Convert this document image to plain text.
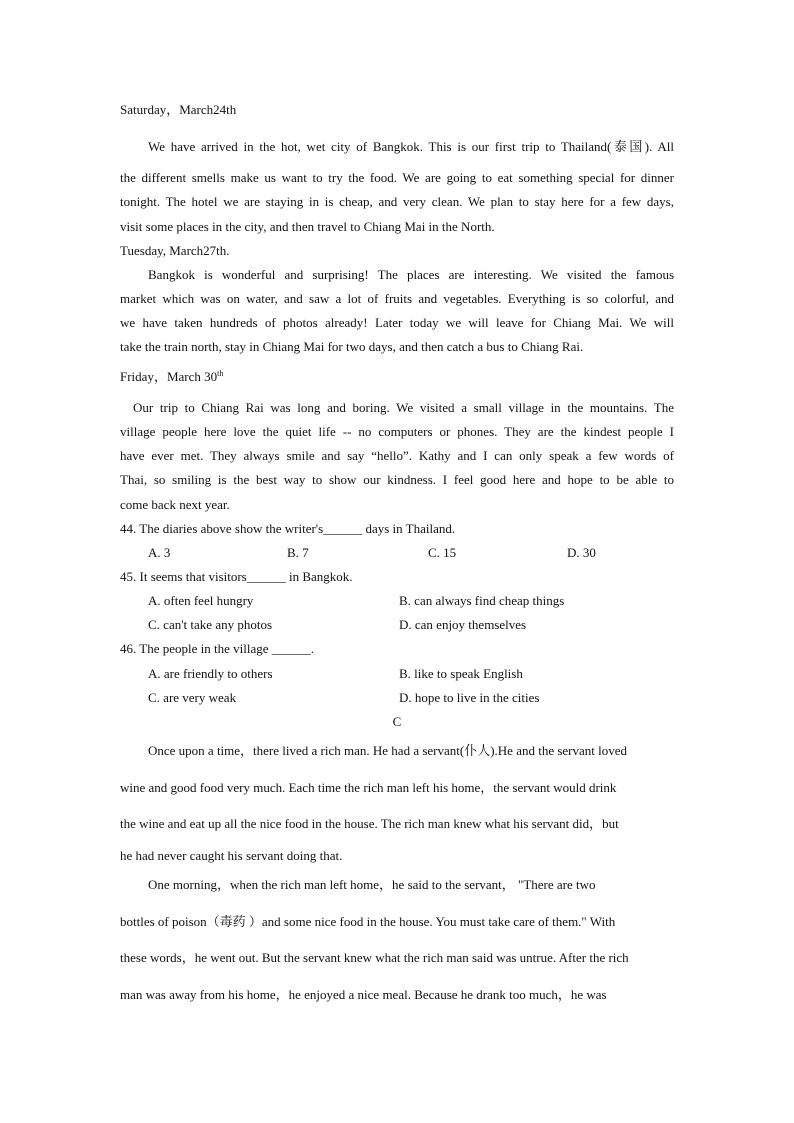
Saturday，March24th
We have arrived in the hot, wet city of Bangkok. This is our first trip to Thailand(泰国). All
the different smells make us want to try the food. We are going to eat something special for dinner
tonight. The hotel we are staying in is cheap, and very clean. We plan to stay here for a few days,
visit some places in the city, and then travel to Chiang Mai in the North.
Tuesday, March27th.
Bangkok is wonderful and surprising! The places are interesting. We visited the famous
market which was on water, and saw a lot of fruits and vegetables. Everything is so colorful, and
we have taken hundreds of photos already! Later today we will leave for Chiang Mai. We will
take the train north, stay in Chiang Mai for two days, and then catch a bus to Chiang Rai.
Friday，March 30th
Our trip to Chiang Rai was long and boring. We visited a small village in the mountains. The
village people here love the quiet life -- no computers or phones. They are the kindest people I
have ever met. They always smile and say “hello”. Kathy and I can only speak a few words of
Thai, so smiling is the best way to show our kindness. I feel good here and hope to be able to
come back next year.
44. The diaries above show the writer's______ days in Thailand.
A. 3	B. 7	C. 15	D. 30
45. It seems that visitors______ in Bangkok.
A. often feel hungry	B. can always find cheap things
C. can't take any photos	D. can enjoy themselves
46. The people in the village ______.
A. are friendly to others	B. like to speak English
C. are very weak	D. hope to live in the cities
C
Once upon a time，there lived a rich man. He had a servant(仆人).He and the servant loved
wine and good food very much. Each time the rich man left his home，the servant would drink
the wine and eat up all the nice food in the house. The rich man knew what his servant did，but
he had never caught his servant doing that.
One morning，when the rich man left home，he said to the servant， "There are two
bottles of poison（毒药 ）and some nice food in the house. You must take care of them." With
these words，he went out. But the servant knew what the rich man said was untrue. After the rich
man was away from his home，he enjoyed a nice meal. Because he drank too much，he was
